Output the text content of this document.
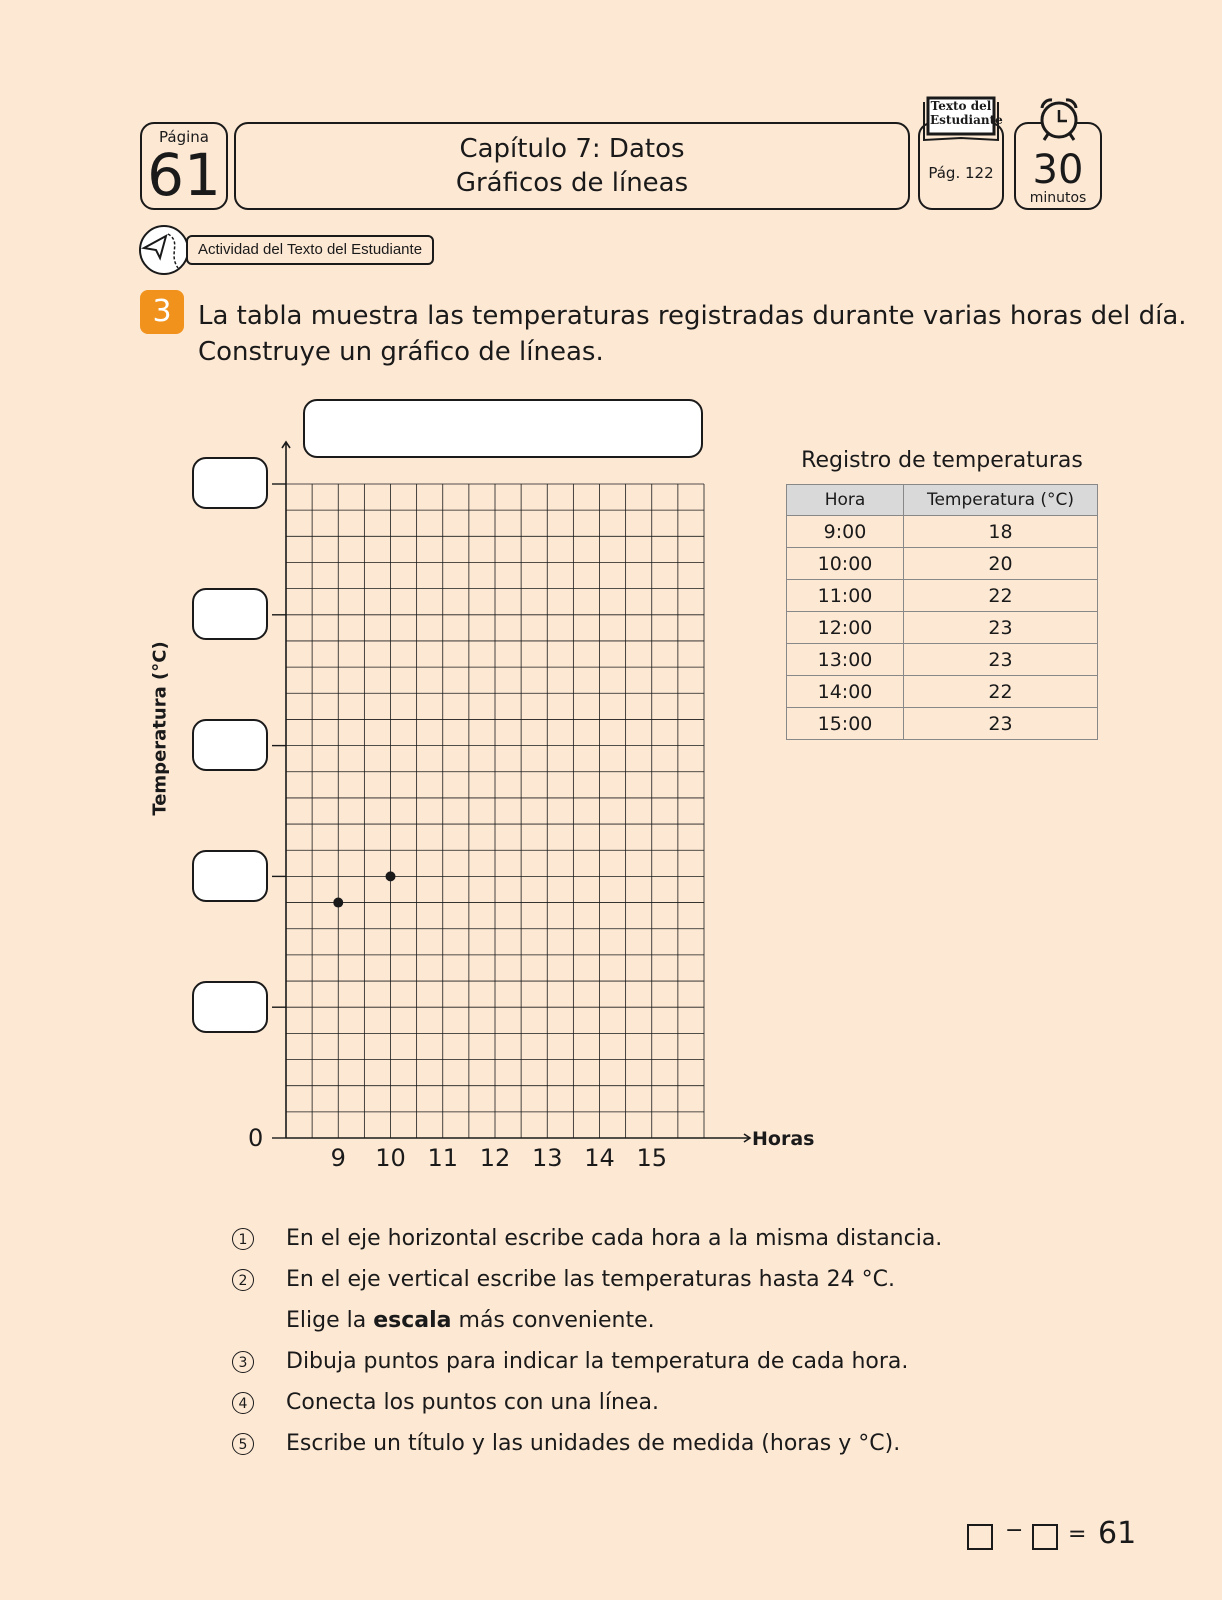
Página
61	Capítulo 7: Datos
Gráficos de líneas	Pág. 122
Texto del Estudiante
30
minutos
Actividad del Texto del Estudiante
3	La tabla muestra las temperaturas registradas durante varias horas del día.
Construye un gráfico de líneas.
Temperatura (°C)
0	Horas
9	10 11 12 13 14 15
Registro de temperaturas
Hora	Temperatura (°C)
9:00	18
10:00	20
11:00	22
12:00	23
13:00	23
14:00	22
15:00	23
1 En el eje horizontal escribe cada hora a la misma distancia.
2 En el eje vertical escribe las temperaturas hasta 24 °C.
Elige la escala más conveniente.
3 Dibuja puntos para indicar la temperatura de cada hora.
4 Conecta los puntos con una línea.
5 Escribe un título y las unidades de medida (horas y °C).
− = 61
